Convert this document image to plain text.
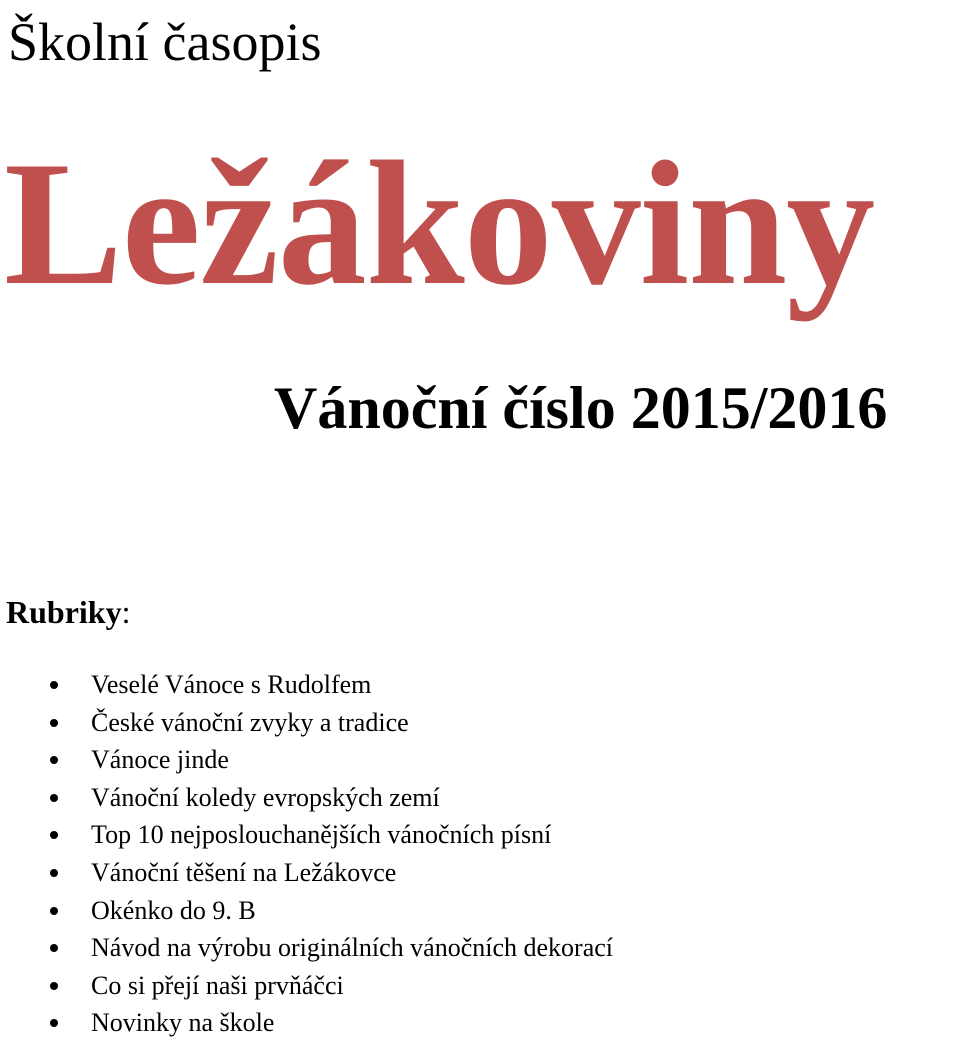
Školní časopis
Ležákoviny
Vánoční číslo 2015/2016
Rubriky:
Veselé Vánoce s Rudolfem
České vánoční zvyky a tradice
Vánoce jinde
Vánoční koledy evropských zemí
Top 10 nejposlouchanějších vánočních písní
Vánoční těšení na Ležákovce
Okénko do 9. B
Návod na výrobu originálních vánočních dekorací
Co si přejí naši prvňáčci
Novinky na škole
